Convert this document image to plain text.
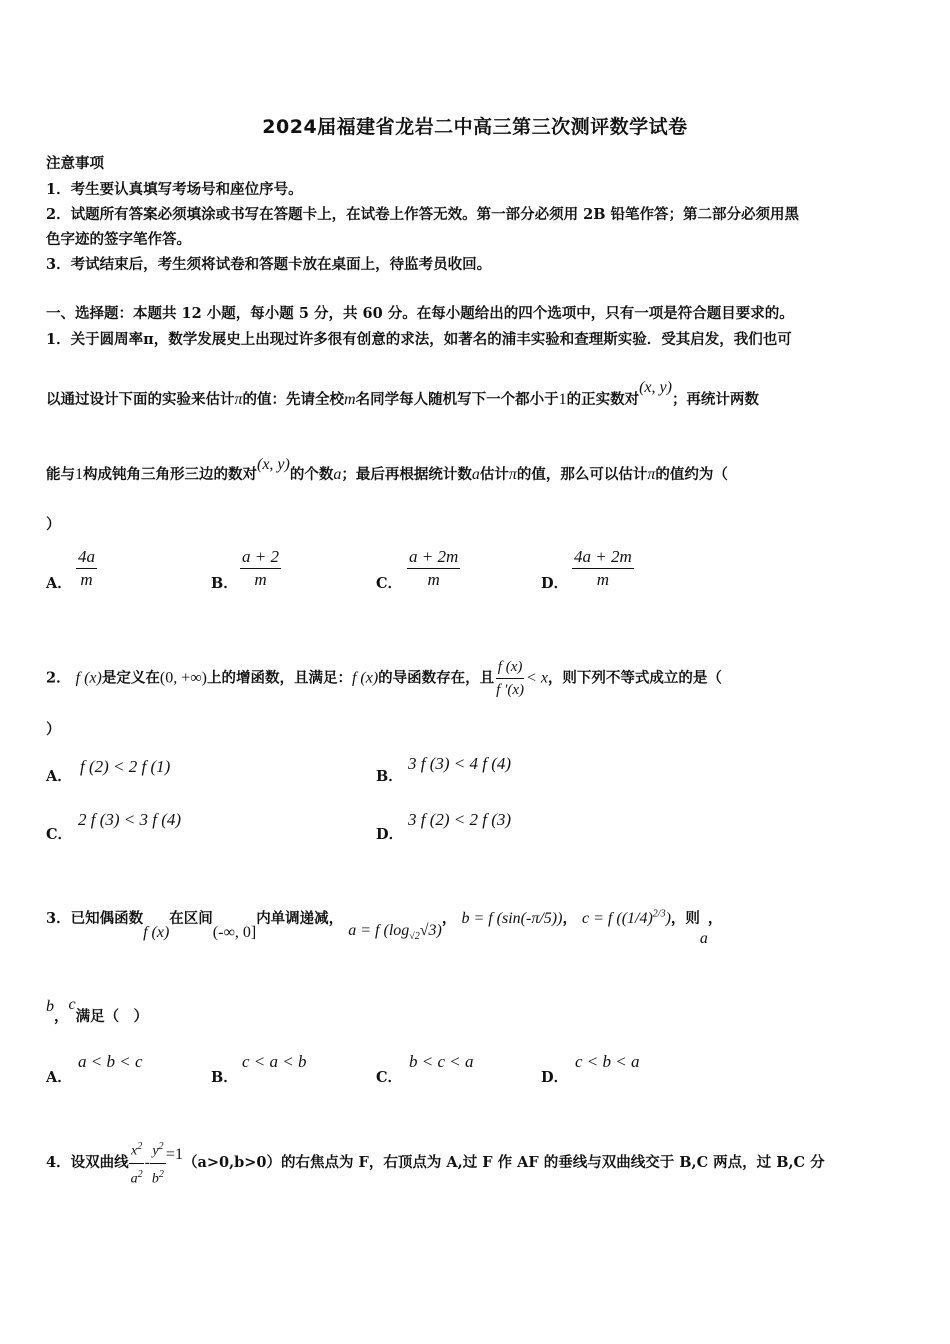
2024届福建省龙岩二中高三第三次测评数学试卷
注意事项
1．考生要认真填写考场号和座位序号。
2．试题所有答案必须填涂或书写在答题卡上，在试卷上作答无效。第一部分必须用 2B 铅笔作答；第二部分必须用黑
色字迹的签字笔作答。
3．考试结束后，考生须将试卷和答题卡放在桌面上，待监考员收回。
一、选择题：本题共 12 小题，每小题 5 分，共 60 分。在每小题给出的四个选项中，只有一项是符合题目要求的。
1．关于圆周率π，数学发展史上出现过许多很有创意的求法，如著名的浦丰实验和查理斯实验．受其启发，我们也可
以通过设计下面的实验来估计π的值：先请全校m名同学每人随机写下一个都小于1的正实数对(x, y)；再统计两数
能与1构成钝角三角形三边的数对(x, y)的个数a；最后再根据统计数a估计π的值，那么可以估计π的值约为（
）
A． $\frac{4a}{m}$	B． $\frac{a + 2}{m}$	C． $\frac{a + 2m}{m}$	D． $\frac{4a + 2m}{m}$
2． f (x)是定义在(0, +∞)上的增函数，且满足：f (x)的导函数存在，且 $\frac{f (x)}{f '(x)} < x$，则下列不等式成立的是（
）
A．
f (2) < 2 f (1)
B．
3 f (3) < 4 f (4)
C．
2 f (3) < 3 f (4)
D．
3 f (2) < 2 f (3)
3．已知偶函数f (x)在区间(-∞, 0]内单调递减， a = f $(\log_{√2}√3)$， b = f (sin(-π/5))， c = f $((1/4)^{2/3})$，则a，
b，c满足（　）
A．
a < b < c
B．
c < a < b
C．
b < c < a
D．
c < b < a
4．设双曲线 $\frac{x^2}{a^2} - \frac{y^2}{b^2} =1(a>0,b>0)$的右焦点为 F，右顶点为 A,过 F 作 AF 的垂线与双曲线交于 B,C 两点，过 B,C 分
